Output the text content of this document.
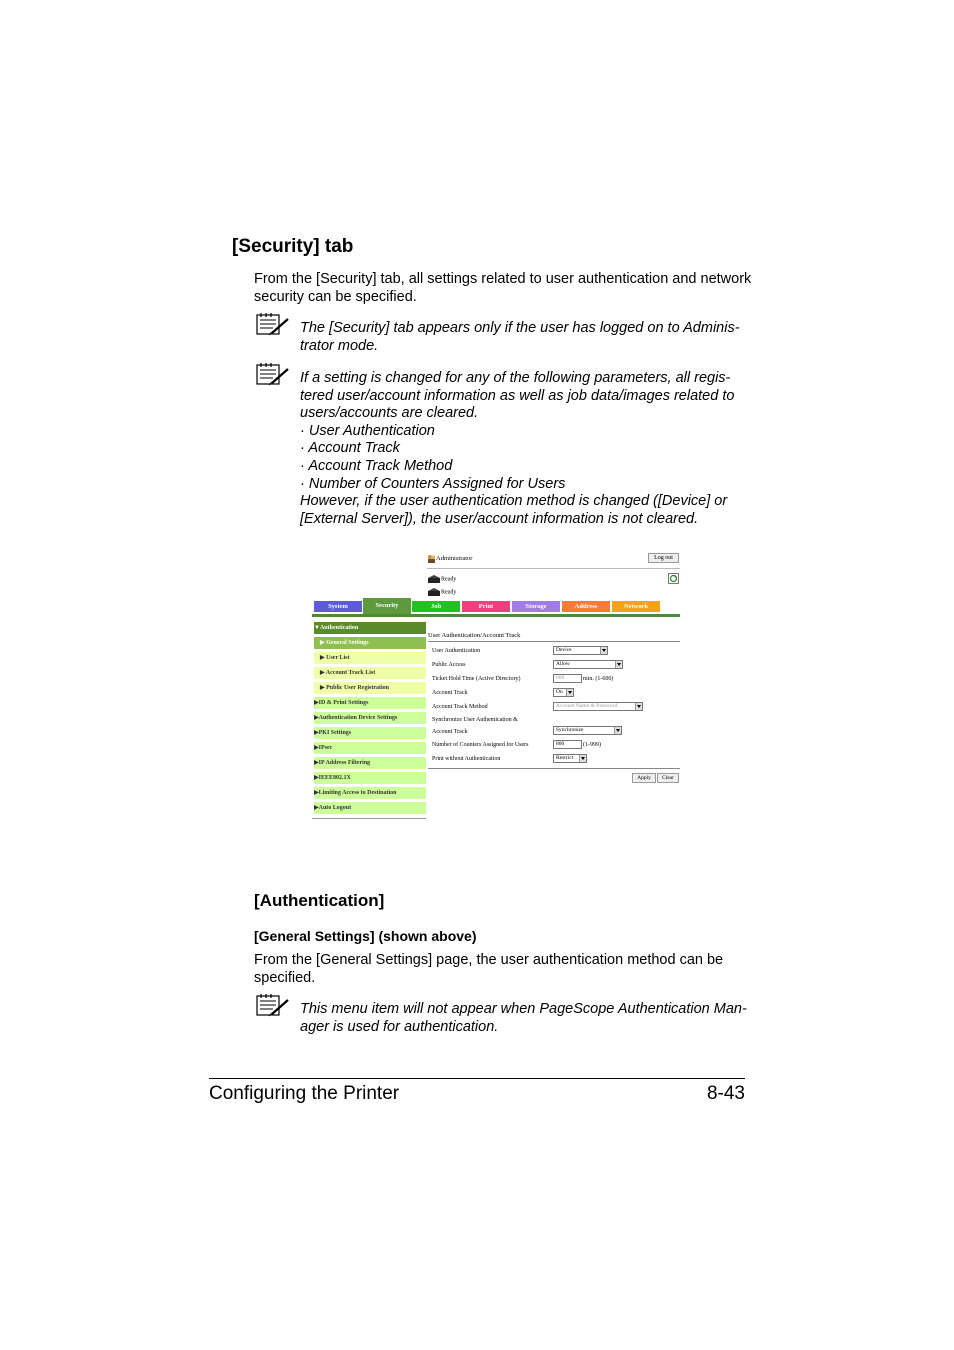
[Security] tab
From the [Security] tab, all settings related to user authentication and network
security can be specified.
The [Security] tab appears only if the user has logged on to Adminis-
trator mode.
If a setting is changed for any of the following parameters, all regis-
tered user/account information as well as job data/images related to
users/accounts are cleared.
· User Authentication
· Account Track
· Account Track Method
· Number of Counters Assigned for Users
However, if the user authentication method is changed ([Device] or
[External Server]), the user/account information is not cleared.
Administrator	Log out
Ready
Ready
System	Security	Job	Print	Storage	Address	Network
▼Authentication
▶ General Settings
▶ User List
▶ Account Track List
▶ Public User Registration
▶ID & Print Settings
▶Authentication Device Settings
▶PKI Settings
▶IPsec
▶IP Address Filtering
▶IEEE802.1X
▶Limiting Access to Destination
▶Auto Logout
User Authentication/Account Track
User Authentication	Device
Public Access	Allow
Ticket Hold Time (Active Directory)	600	min. (1-600)
Account Track	On
Account Track Method	Account Name & Password
Synchronize User Authentication &
Account Track	Synchronize
Number of Counters Assigned for Users	800	(1-999)
Print without Authentication	Restrict
Apply	Clear
[Authentication]
[General Settings] (shown above)
From the [General Settings] page, the user authentication method can be
specified.
This menu item will not appear when PageScope Authentication Man-
ager is used for authentication.
Configuring the Printer	8-43
